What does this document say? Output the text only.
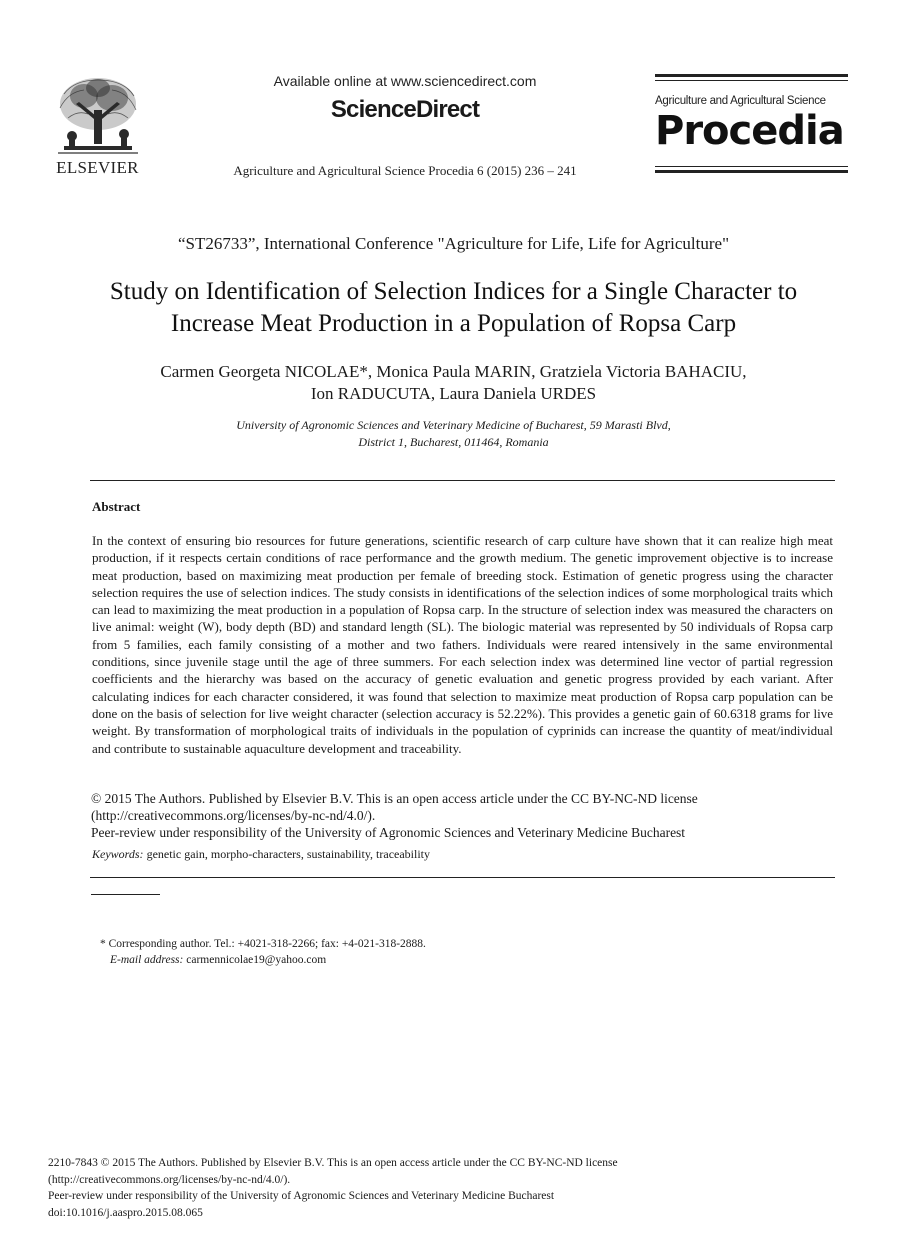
ELSEVIER
Available online at www.sciencedirect.com
ScienceDirect
Agriculture and Agricultural Science Procedia 6 (2015) 236 – 241
Agriculture and Agricultural Science
Procedia
“ST26733”, International Conference "Agriculture for Life, Life for Agriculture"
Study on Identification of Selection Indices for a Single Character to
Increase Meat Production in a Population of Ropsa Carp
Carmen Georgeta NICOLAE*, Monica Paula MARIN, Gratziela Victoria BAHACIU,
Ion RADUCUTA, Laura Daniela URDES
University of Agronomic Sciences and Veterinary Medicine of Bucharest, 59 Marasti Blvd,
District 1, Bucharest, 011464, Romania
Abstract
In the context of ensuring bio resources for future generations, scientific research of carp culture have shown that it can realize high meat production, if it respects certain conditions of race performance and the growth medium. The genetic improvement objective is to increase meat production, based on maximizing meat production per female of breeding stock. Estimation of genetic progress using the character selection requires the use of selection indices. The study consists in identifications of the selection indices of some morphological traits which can lead to maximizing the meat production in a population of Ropsa carp. In the structure of selection index was measured the characters on live animal: weight (W), body depth (BD) and standard length (SL). The biologic material was represented by 50 individuals of Ropsa carp from 5 families, each family consisting of a mother and two fathers. Individuals were reared intensively in the same environmental conditions, since juvenile stage until the age of three summers. For each selection index was determined line vector of partial regression coefficients and the hierarchy was based on the accuracy of genetic evaluation and genetic progress provided by each variant. After calculating indices for each character considered, it was found that selection to maximize meat production of Ropsa carp population can be done on the basis of selection for live weight character (selection accuracy is 52.22%). This provides a genetic gain of 60.6318 grams for live weight. By transformation of morphological traits of individuals in the population of cyprinids can increase the quantity of meat/individual and contribute to sustainable aquaculture development and traceability.
© 2015 The Authors. Published by Elsevier B.V. This is an open access article under the CC BY-NC-ND license
(http://creativecommons.org/licenses/by-nc-nd/4.0/).
Peer-review under responsibility of the University of Agronomic Sciences and Veterinary Medicine Bucharest
Keywords: genetic gain, morpho-characters, sustainability, traceability
* Corresponding author. Tel.: +4021-318-2266; fax: +4-021-318-2888.
E-mail address: carmennicolae19@yahoo.com
2210-7843 © 2015 The Authors. Published by Elsevier B.V. This is an open access article under the CC BY-NC-ND license
(http://creativecommons.org/licenses/by-nc-nd/4.0/).
Peer-review under responsibility of the University of Agronomic Sciences and Veterinary Medicine Bucharest
doi:10.1016/j.aaspro.2015.08.065
